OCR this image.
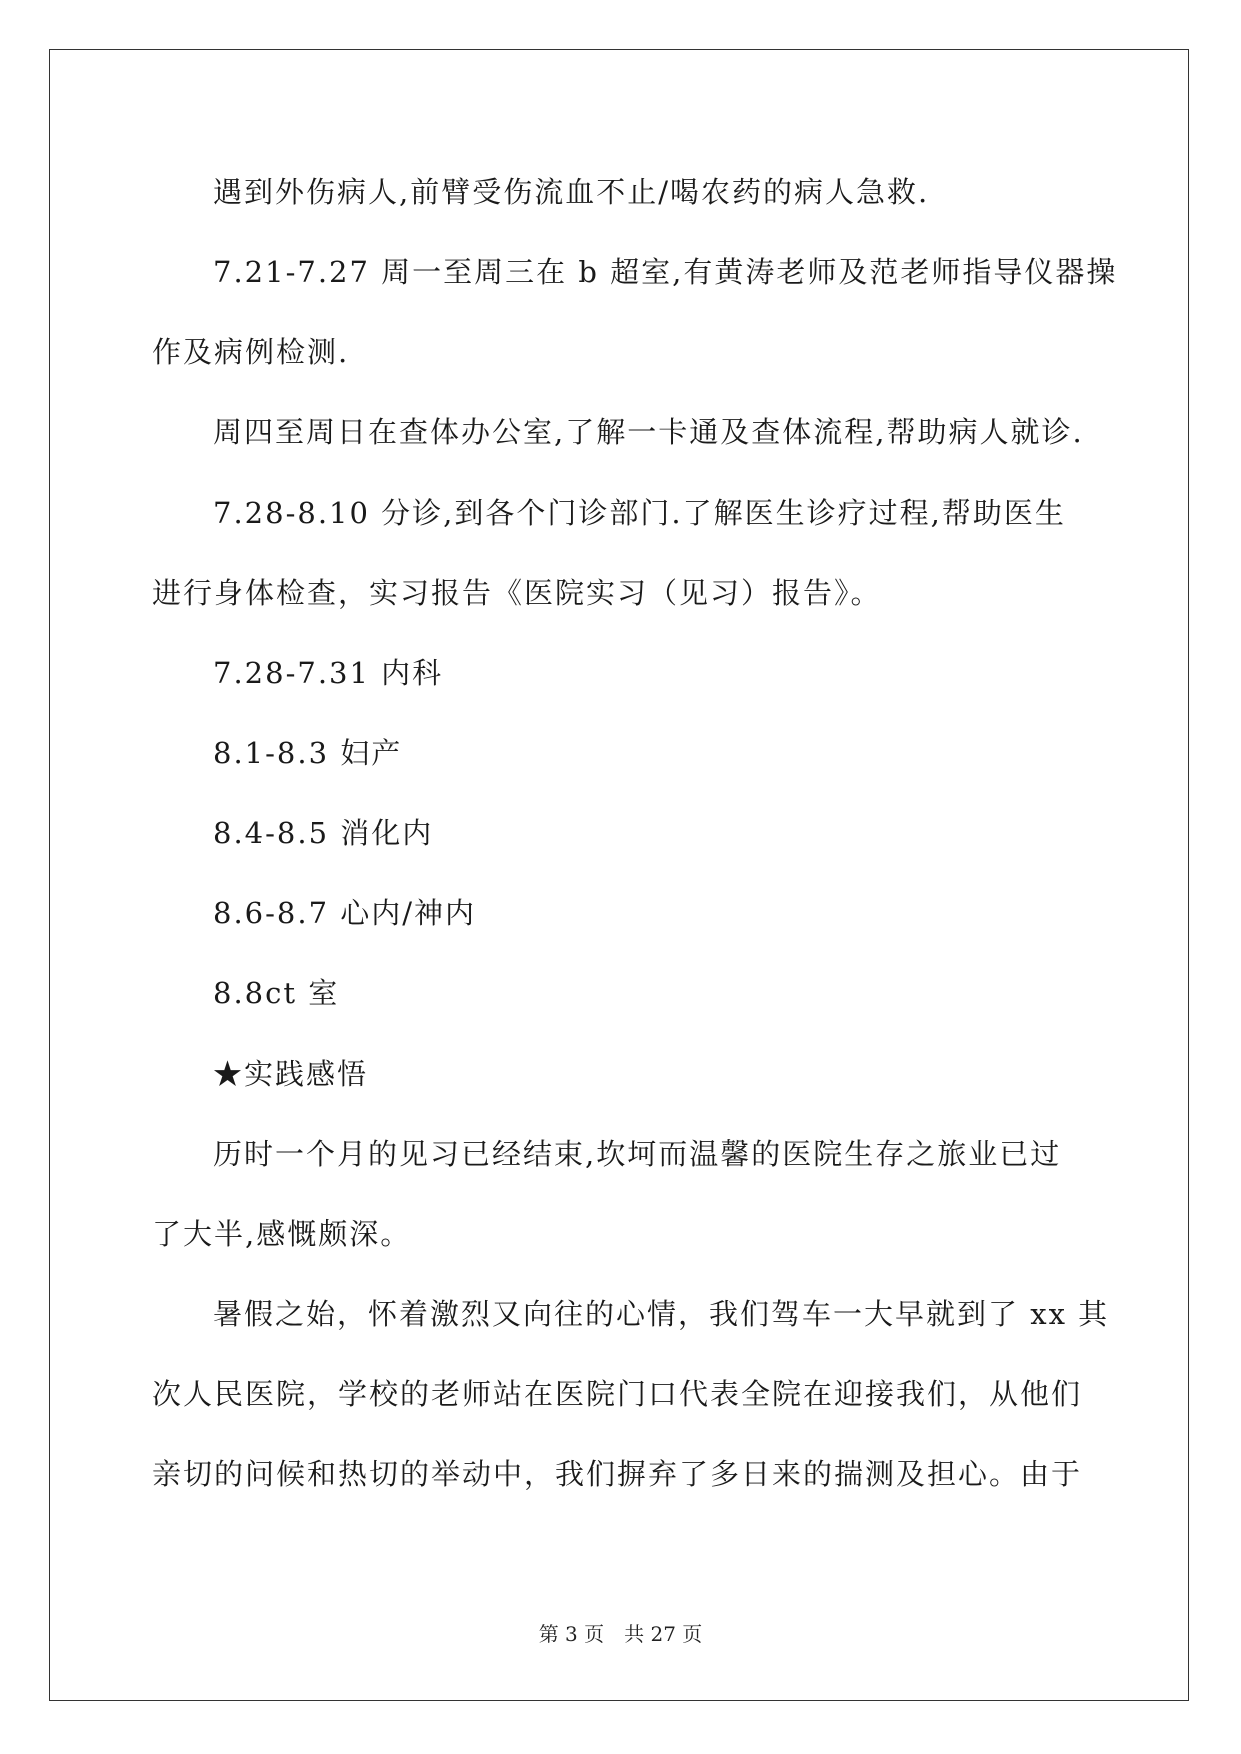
遇到外伤病人,前臂受伤流血不止/喝农药的病人急救.
7.21-7.27 周一至周三在 b 超室,有黄涛老师及范老师指导仪器操
作及病例检测.
周四至周日在查体办公室,了解一卡通及查体流程,帮助病人就诊.
7.28-8.10 分诊,到各个门诊部门.了解医生诊疗过程,帮助医生
进行身体检查，实习报告《医院实习（见习）报告》。
7.28-7.31 内科
8.1-8.3 妇产
8.4-8.5 消化内
8.6-8.7 心内/神内
8.8ct 室
★实践感悟
历时一个月的见习已经结束,坎坷而温馨的医院生存之旅业已过
了大半,感慨颇深。
暑假之始，怀着激烈又向往的心情，我们驾车一大早就到了 xx 其
次人民医院，学校的老师站在医院门口代表全院在迎接我们，从他们
亲切的问候和热切的举动中，我们摒弃了多日来的揣测及担心。由于
第 3 页　共 27 页
